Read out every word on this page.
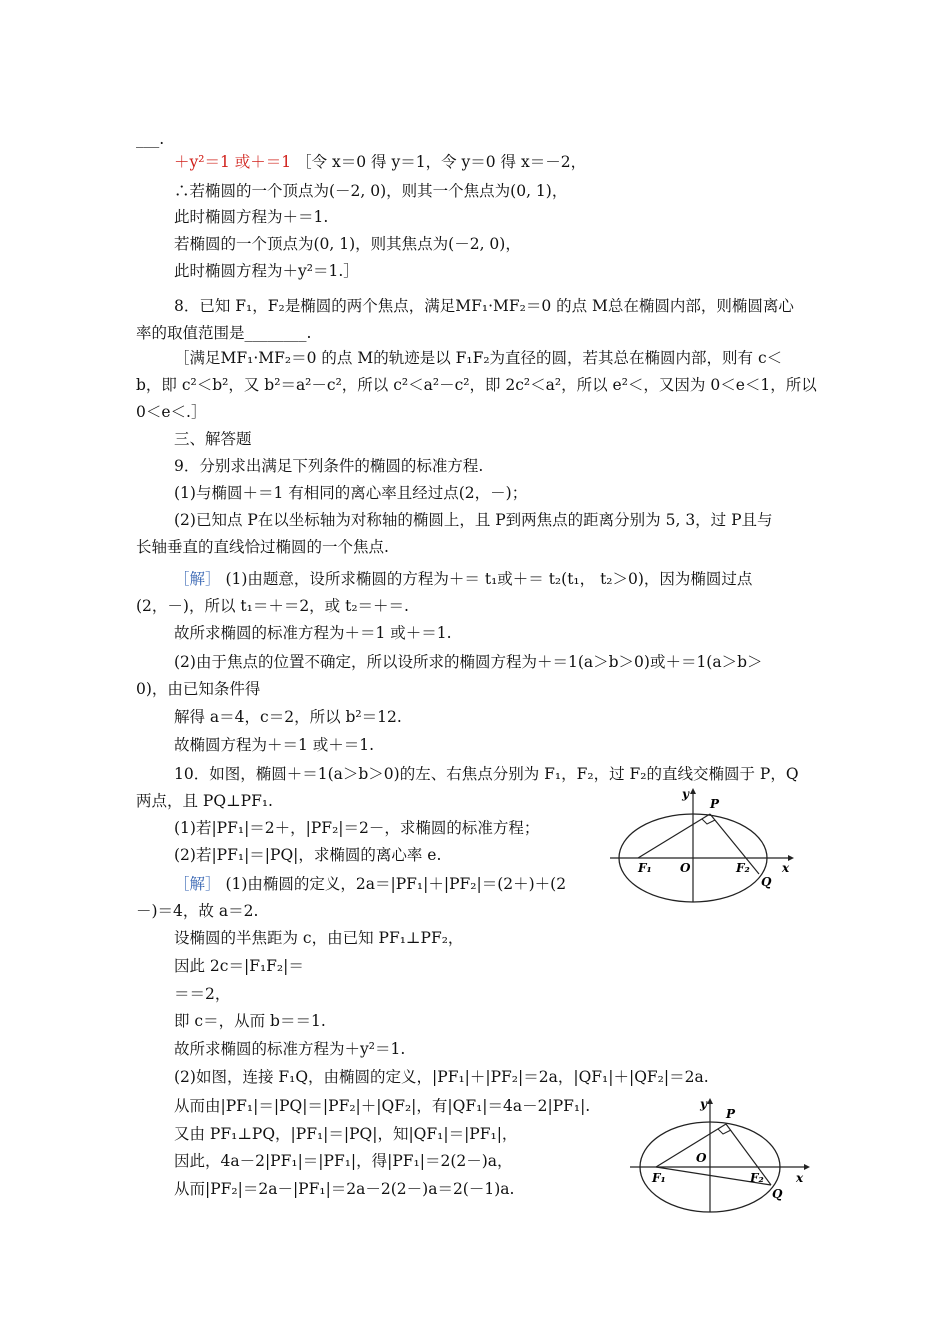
___.
＋y²＝1 或＋＝1 ［令 x＝0 得 y＝1，令 y＝0 得 x＝－2，
∴若椭圆的一个顶点为(－2, 0)，则其一个焦点为(0, 1)，
此时椭圆方程为＋＝1.
若椭圆的一个顶点为(0, 1)，则其焦点为(－2, 0)，
此时椭圆方程为＋y²＝1.］
8．已知 F₁，F₂是椭圆的两个焦点，满足MF₁·MF₂＝0 的点 M总在椭圆内部，则椭圆离心
率的取值范围是________.
［满足MF₁·MF₂＝0 的点 M的轨迹是以 F₁F₂为直径的圆，若其总在椭圆内部，则有 c＜
b，即 c²＜b²，又 b²＝a²－c²，所以 c²＜a²－c²，即 2c²＜a²，所以 e²＜，又因为 0＜e＜1，所以
0＜e＜.］
三、解答题
9．分别求出满足下列条件的椭圆的标准方程.
(1)与椭圆＋＝1 有相同的离心率且经过点(2，－)；
(2)已知点 P在以坐标轴为对称轴的椭圆上，且 P到两焦点的距离分别为 5, 3，过 P且与
长轴垂直的直线恰过椭圆的一个焦点.
［解］ (1)由题意，设所求椭圆的方程为＋＝ t₁或＋＝ t₂(t₁， t₂＞0)，因为椭圆过点
(2，－)，所以 t₁＝＋＝2，或 t₂＝＋＝.
故所求椭圆的标准方程为＋＝1 或＋＝1.
(2)由于焦点的位置不确定，所以设所求的椭圆方程为＋＝1(a＞b＞0)或＋＝1(a＞b＞
0)，由已知条件得
解得 a＝4，c＝2，所以 b²＝12.
故椭圆方程为＋＝1 或＋＝1.
10．如图，椭圆＋＝1(a＞b＞0)的左、右焦点分别为 F₁，F₂，过 F₂的直线交椭圆于 P，Q
两点，且 PQ⊥PF₁.
(1)若|PF₁|＝2＋，|PF₂|＝2－，求椭圆的标准方程；
(2)若|PF₁|＝|PQ|，求椭圆的离心率 e.
［解］ (1)由椭圆的定义，2a＝|PF₁|＋|PF₂|＝(2＋)＋(2
－)＝4，故 a＝2.
设椭圆的半焦距为 c，由已知 PF₁⊥PF₂，
因此 2c＝|F₁F₂|＝
＝＝2，
即 c＝，从而 b＝＝1.
故所求椭圆的标准方程为＋y²＝1.
(2)如图，连接 F₁Q，由椭圆的定义，|PF₁|＋|PF₂|＝2a，|QF₁|＋|QF₂|＝2a.
从而由|PF₁|＝|PQ|＝|PF₂|＋|QF₂|，有|QF₁|＝4a－2|PF₁|.
又由 PF₁⊥PQ，|PF₁|＝|PQ|，知|QF₁|＝|PF₁|，
因此，4a－2|PF₁|＝|PF₁|，得|PF₁|＝2(2－)a，
从而|PF₂|＝2a－|PF₁|＝2a－2(2－)a＝2(－1)a.
y
P
F₁ O	F₂	x
Q
y
P
O
F₁	F₂	x
Q
